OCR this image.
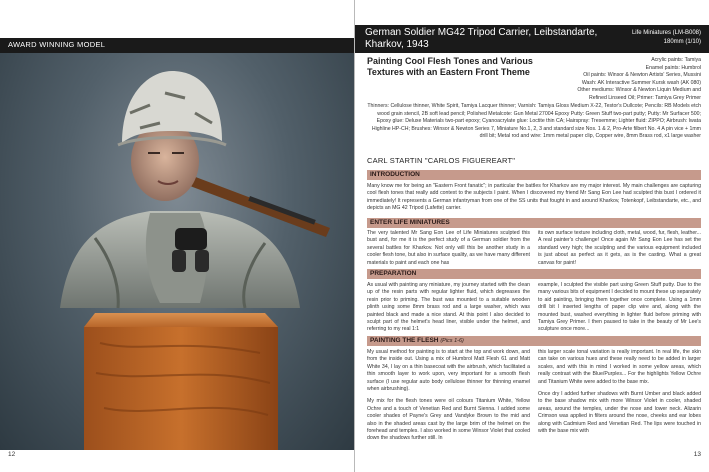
AWARD WINNING MODEL
12
German Soldier MG42 Tripod Carrier, Leibstandarte, Kharkov, 1943
Life Miniatures (LM-B008)
180mm (1/10)
Painting Cool Flesh Tones and Various Textures with an Eastern Front Theme
Acrylic paints: Tamiya
Enamel paints: Humbrol
Oil paints: Winsor & Newton Artists' Series, Mussini
Wash: AK Interactive Summer Kursk wash (AK 080)
Other mediums: Winsor & Newton Liquin Medium and
Refined Linseed Oil; Primer: Tamiya Grey Primer
Thinners: Cellulose thinner, White Spirit, Tamiya Lacquer thinner; Varnish: Tamiya Gloss Medium X-22, Testor's Dullcote; Pencils: RB Models etch wood grain stencil, 2B soft lead pencil; Polished Metalcote: Gun Metal 27004 Epoxy Putty: Green Stuff two-part putty; Putty: Mr Surfacer 500; Epoxy glue: Deluxe Materials two-part epoxy; Cyanoacrylate glue: Loctite thin CA; Hairspray: Tresemme; Lighter fluid: ZIPPO; Airbrush: Iwata Highline HP-CH; Brushes: Winsor & Newton Series 7, Miniature No.1, 2, 3 and standard size Nos. 1 & 2, Pro-Arte filbert No. 4 A pin vice + 1mm drill bit; Metal rod and wire: 1mm metal paper clip, Copper wire, 8mm Brass rod, x1 large washer
CARL STARTIN "CARLOS FIGUEREART"
INTRODUCTION
Many know me for being an "Eastern Front fanatic"; in particular the battles for Kharkov are my major interest. My main challenges are capturing cool flesh tones that really add context to the subjects I paint. When I discovered my friend Mr Sang Eon Lee had sculpted this bust I ordered it immediately! It represents a German infantryman from one of the SS units that fought in and around Kharkov, Totenkopf, Leibstandarte, etc., and depicts an MG 42 Tripod (Lafette) carrier.
ENTER LIFE MINIATURES
The very talented Mr Sang Eon Lee of Life Miniatures sculpted this bust and, for me it is the perfect study of a German soldier from the several battles for Kharkov. Not only will this be another study in a cooler flesh tone, but also in surface quality, as we have many different materials to paint and each one has
its own surface texture including cloth, metal, wood, fur, flesh, leather... A real painter's challenge! Once again Mr Sang Eon Lee has set the standard very high; the sculpting and the various equipment included is just about as perfect as it gets, as is the casting. What a great canvas for paint!
PREPARATION
As usual with painting any miniature, my journey started with the clean up of the resin parts with regular lighter fluid, which degreases the resin prior to priming. The bust was mounted to a suitable wooden plinth using some 8mm brass rod and a large washer, which was painted black and made a nice stand. At this point I also decided to sculpt part of the helmet's head liner, visible under the helmet, and referring to my real 1:1
example, I sculpted the visible part using Green Stuff putty. Due to the many various bits of equipment I decided to mount these up separately to aid painting, bringing them together once complete. Using a 1mm drill bit I inserted lengths of paper clip wire and, along with the mounted bust, washed everything in lighter fluid before priming with Tamiya Grey Primer. I then paused to take in the beauty of Mr Lee's sculpture once more...
PAINTING THE FLESH (Pics 1-6)
My usual method for painting is to start at the top and work down, and from the inside out. Using a mix of Humbrol Matt Flesh 61 and Matt White 34, I lay on a thin basecoat with the airbrush, which facilitated a thin smooth layer to work upon, very important for a smooth flesh surface (I use regular auto body cellulose thinner for thinning enamel when airbrushing).
My mix for the flesh tones were oil colours Titanium White, Yellow Ochre and a touch of Venetian Red and Burnt Sienna. I added some cooler shades of Payne's Grey and Vandyke Brown to the mid and also in the shaded areas cast by the large brim of the helmet on the forehead and temples. I also worked in some Winsor Violet that cooled down the shadows further still. In
this larger scale tonal variation is really important. In real life, the skin can take on various hues and these really need to be added in larger scales, and with this in mind I worked in some yellow areas, which really contrast with the Blue/Purples... For the highlights Yellow Ochre and Titanium White were added to the base mix.
Once dry I added further shadows with Burnt Umber and black added to the base shadow mix with more Winsor Violet in cooler, shaded areas, around the temples, under the nose and lower neck. Alizarin Crimson was applied in filters around the nose, cheeks and ear lobes along with Cadmium Red and Venetian Red. The lips were touched in with the base mix with
13
